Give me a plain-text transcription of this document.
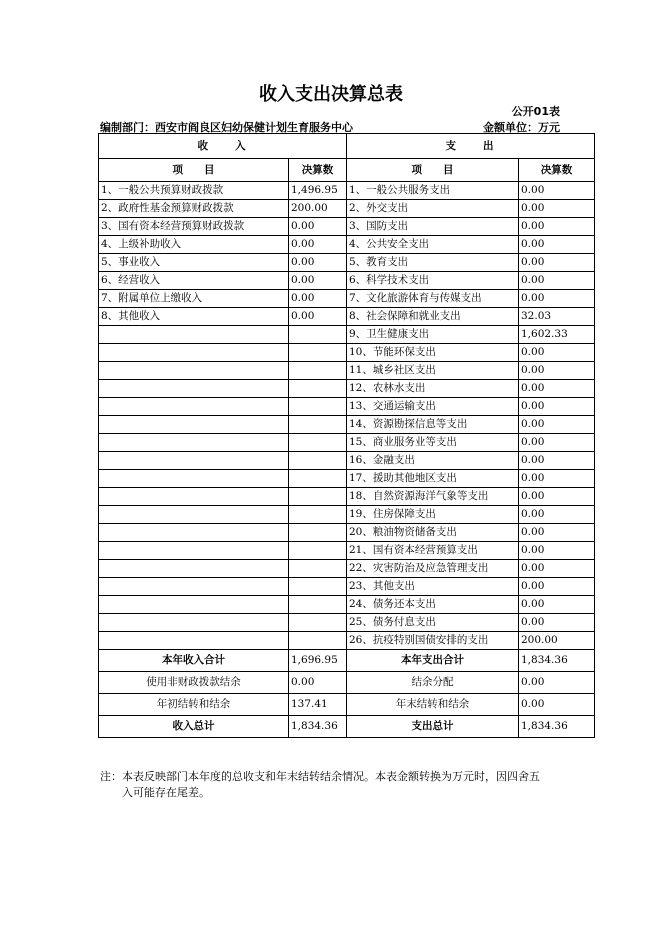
收入支出决算总表
公开01表
编制部门：西安市阎良区妇幼保健计划生育服务中心	金额单位：万元
收　　入		支　　出	
项　　目	决算数	项　　目	决算数
1、一般公共预算财政拨款	1,496.95	1、一般公共服务支出	0.00
2、政府性基金预算财政拨款	200.00	2、外交支出	0.00
3、国有资本经营预算财政拨款	0.00	3、国防支出	0.00
4、上级补助收入	0.00	4、公共安全支出	0.00
5、事业收入	0.00	5、教育支出	0.00
6、经营收入	0.00	6、科学技术支出	0.00
7、附属单位上缴收入	0.00	7、文化旅游体育与传媒支出	0.00
8、其他收入	0.00	8、社会保障和就业支出	32.03
		9、卫生健康支出	1,602.33
		10、节能环保支出	0.00
		11、城乡社区支出	0.00
		12、农林水支出	0.00
		13、交通运输支出	0.00
		14、资源勘探信息等支出	0.00
		15、商业服务业等支出	0.00
		16、金融支出	0.00
		17、援助其他地区支出	0.00
		18、自然资源海洋气象等支出	0.00
		19、住房保障支出	0.00
		20、粮油物资储备支出	0.00
		21、国有资本经营预算支出	0.00
		22、灾害防治及应急管理支出	0.00
		23、其他支出	0.00
		24、债务还本支出	0.00
		25、债务付息支出	0.00
		26、抗疫特别国债安排的支出	200.00
本年收入合计	1,696.95	本年支出合计	1,834.36
使用非财政拨款结余	0.00	结余分配	0.00
年初结转和结余	137.41	年末结转和结余	0.00
收入总计	1,834.36	支出总计	1,834.36
注：本表反映部门本年度的总收支和年末结转结余情况。本表金额转换为万元时，因四舍五
入可能存在尾差。
